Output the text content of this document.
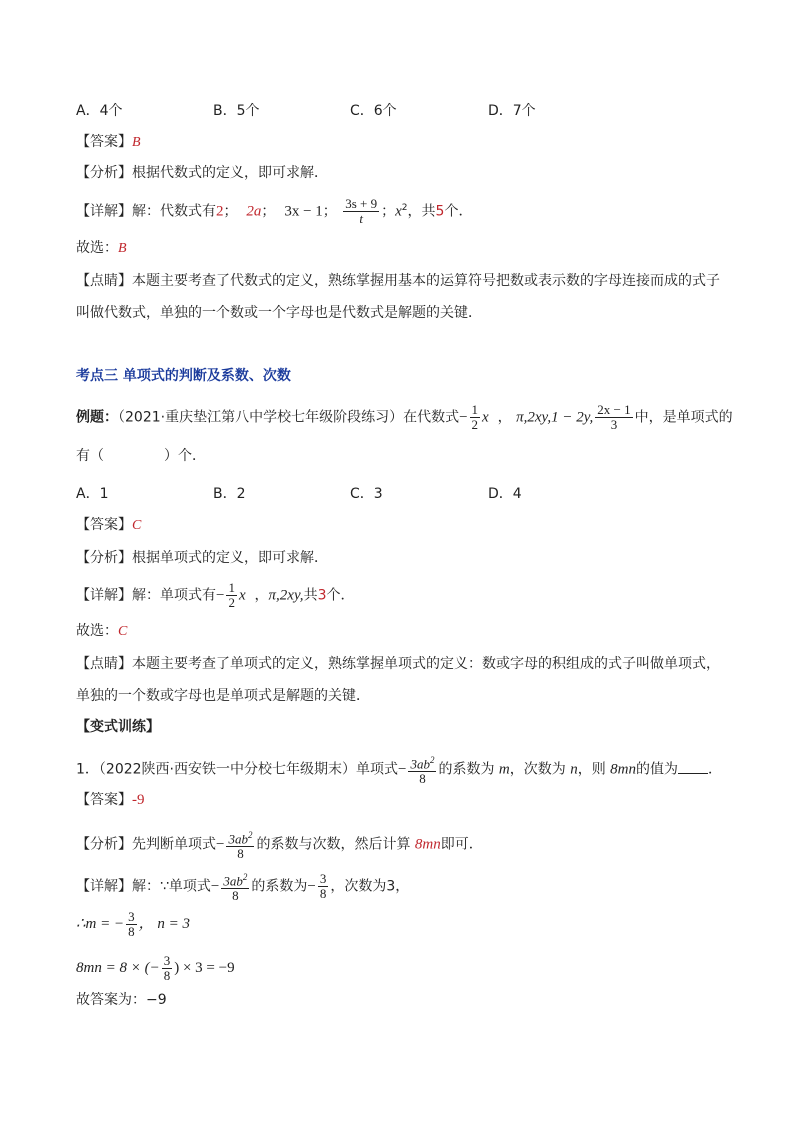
A．4个	B．5个	C．6个	D．7个
【答案】B
【分析】根据代数式的定义，即可求解．
【详解】解：代数式有2；  2a；  3x − 1； $\frac{3s + 9}{t}$ ；$x^2$，共5个．
故选：B
【点睛】本题主要考查了代数式的定义，熟练掌握用基本的运算符号把数或表示数的字母连接而成的式子
叫做代数式，单独的一个数或一个字母也是代数式是解题的关键．
考点三 单项式的判断及系数、次数
例题：（2021·重庆垫江第八中学校七年级阶段练习）在代数式− $\frac{1}{2}$ x  ， π,2xy,1 − 2y, $\frac{2x - 1}{3}$ 中，是单项式的
有（	）个．
A．1	B．2	C．3	D．4
【答案】C
【分析】根据单项式的定义，即可求解．
【详解】解：单项式有− $\frac{1}{2}$ x  ，π,2xy,共3个．
故选：C
【点睛】本题主要考查了单项式的定义，熟练掌握单项式的定义：数或字母的积组成的式子叫做单项式，
单独的一个数或字母也是单项式是解题的关键．
【变式训练】
1．（2022陕西·西安铁一中分校七年级期末）单项式− $\frac{3ab^2}{8}$ 的系数为 m，次数为 n，则 8mn的值为 ．
【答案】-9
【分析】先判断单项式− $\frac{3ab^2}{8}$ 的系数与次数，然后计算 8mn即可．
【详解】解：∵单项式− $\frac{3ab^2}{8}$ 的系数为− $\frac{3}{8}$ ，次数为3，
∴m = − $\frac{3}{8}$ ， n = 3
8mn = 8 × (− $\frac{3}{8}$ ) × 3 = −9
故答案为：−9
